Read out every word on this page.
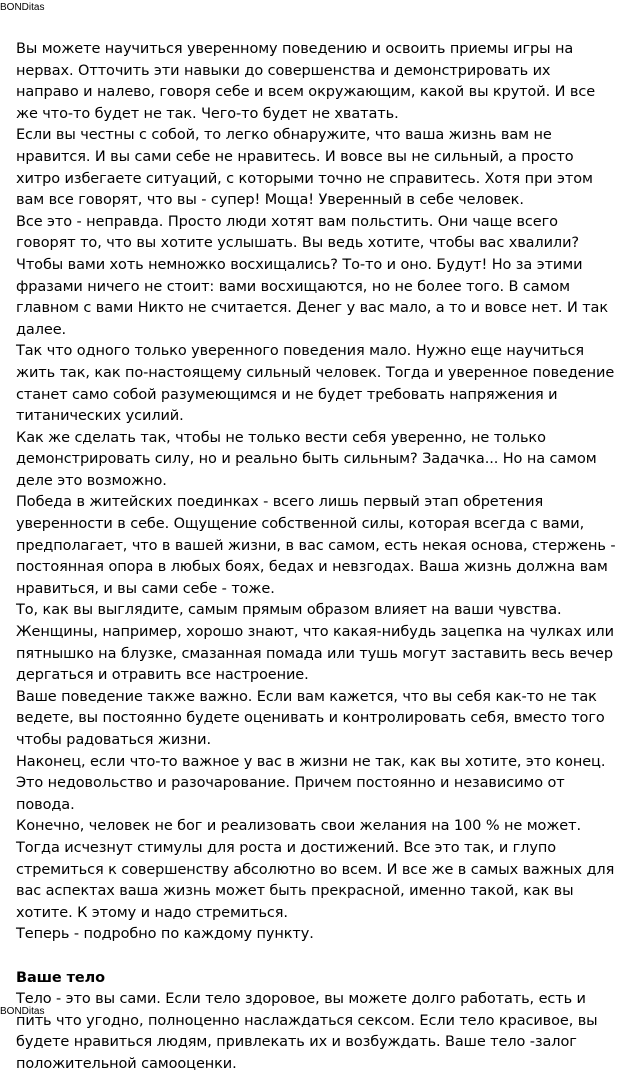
BONDitas

Вы можете научиться уверенному поведению и освоить приемы игры на нервах. Отточить эти навыки до совершенства и демонстрировать их направо и налево, говоря себе и всем окружающим, какой вы крутой. И все же что-то будет не так. Чего-то будет не хватать.

Если вы честны с собой, то легко обнаружите, что ваша жизнь вам не нравится. И вы сами себе не нравитесь. И вовсе вы не сильный, а просто хитро избегаете ситуаций, с которыми точно не справитесь. Хотя при этом вам все говорят, что вы - супер! Моща! Уверенный в себе человек.

Все это - неправда. Просто люди хотят вам польстить. Они чаще всего говорят то, что вы хотите услышать. Вы ведь хотите, чтобы вас хвалили? Чтобы вами хоть немножко восхищались? То-то и оно. Будут! Но за этими фразами ничего не стоит: вами восхищаются, но не более того. В самом главном с вами Никто не считается. Денег у вас мало, а то и вовсе нет. И так далее.

Так что одного только уверенного поведения мало. Нужно еще научиться жить так, как по-настоящему сильный человек. Тогда и уверенное поведение станет само собой разумеющимся и не будет требовать напряжения и титанических усилий.

Как же сделать так, чтобы не только вести себя уверенно, не только демонстрировать силу, но и реально быть сильным? Задачка... Но на самом деле это возможно.

Победа в житейских поединках - всего лишь первый этап обретения уверенности в себе. Ощущение собственной силы, которая всегда с вами, предполагает, что в вашей жизни, в вас самом, есть некая основа, стержень - постоянная опора в любых боях, бедах и невзгодах. Ваша жизнь должна вам нравиться, и вы сами себе - тоже.

То, как вы выглядите, самым прямым образом влияет на ваши чувства. Женщины, например, хорошо знают, что какая-нибудь зацепка на чулках или пятнышко на блузке, смазанная помада или тушь могут заставить весь вечер дергаться и отравить все настроение.

Ваше поведение также важно. Если вам кажется, что вы себя как-то не так ведете, вы постоянно будете оценивать и контролировать себя, вместо того чтобы радоваться жизни.

Наконец, если что-то важное у вас в жизни не так, как вы хотите, это конец. Это недовольство и разочарование. Причем постоянно и независимо от повода.

Конечно, человек не бог и реализовать свои желания на 100 % не может. Тогда исчезнут стимулы для роста и достижений. Все это так, и глупо стремиться к совершенству абсолютно во всем. И все же в самых важных для вас аспектах ваша жизнь может быть прекрасной, именно такой, как вы хотите. К этому и надо стремиться.

Теперь - подробно по каждому пункту.

Ваше тело

Тело - это вы сами. Если тело здоровое, вы можете долго работать, есть и пить что угодно, полноценно наслаждаться сексом. Если тело красивое, вы будете нравиться людям, привлекать их и возбуждать. Ваше тело -залог положительной самооценки.

BONDitas
